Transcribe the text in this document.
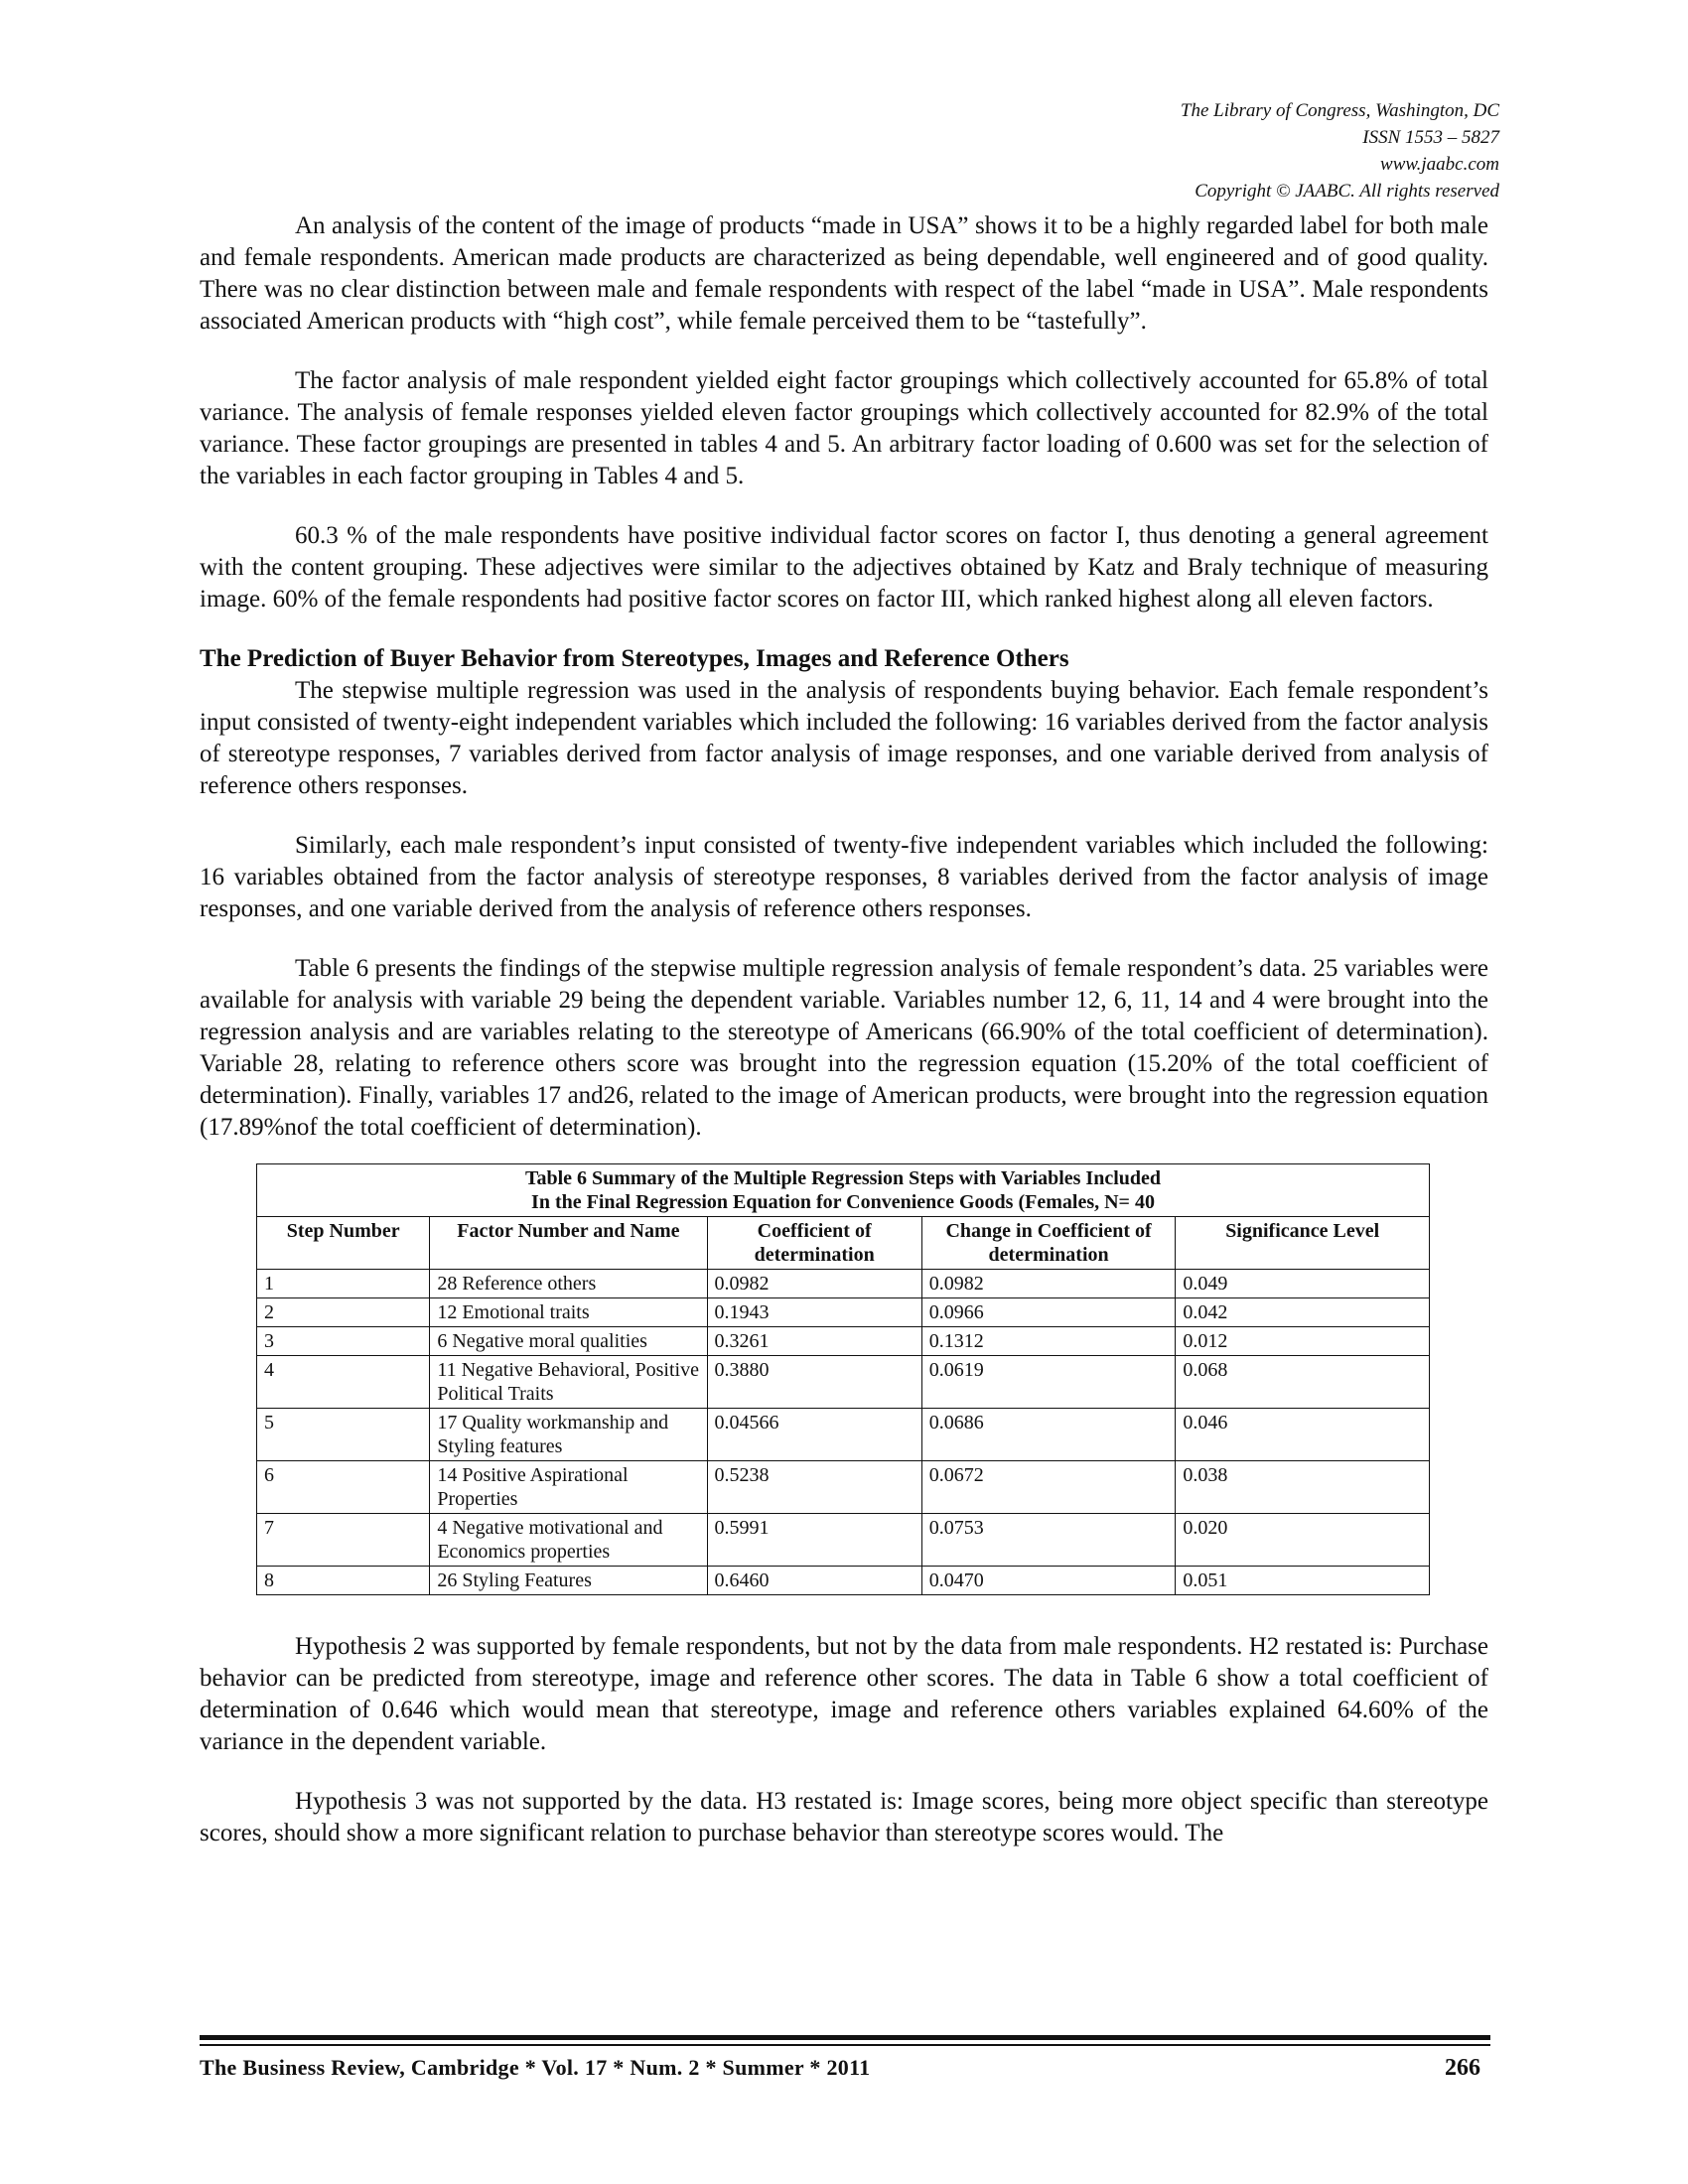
The Library of Congress, Washington, DC
ISSN 1553 – 5827
www.jaabc.com
Copyright © JAABC. All rights reserved

An analysis of the content of the image of products “made in USA” shows it to be a highly regarded label for both male and female respondents. American made products are characterized as being dependable, well engineered and of good quality. There was no clear distinction between male and female respondents with respect of the label “made in USA”. Male respondents associated American products with “high cost”, while female perceived them to be “tastefully”.

The factor analysis of male respondent yielded eight factor groupings which collectively accounted for 65.8% of total variance. The analysis of female responses yielded eleven factor groupings which collectively accounted for 82.9% of the total variance. These factor groupings are presented in tables 4 and 5. An arbitrary factor loading of 0.600 was set for the selection of the variables in each factor grouping in Tables 4 and 5.

60.3 % of the male respondents have positive individual factor scores on factor I, thus denoting a general agreement with the content grouping. These adjectives were similar to the adjectives obtained by Katz and Braly technique of measuring image. 60% of the female respondents had positive factor scores on factor III, which ranked highest along all eleven factors.

The Prediction of Buyer Behavior from Stereotypes, Images and Reference Others

The stepwise multiple regression was used in the analysis of respondents buying behavior. Each female respondent’s input consisted of twenty-eight independent variables which included the following: 16 variables derived from the factor analysis of stereotype responses, 7 variables derived from factor analysis of image responses, and one variable derived from analysis of reference others responses.

Similarly, each male respondent’s input consisted of twenty-five independent variables which included the following: 16 variables obtained from the factor analysis of stereotype responses, 8 variables derived from the factor analysis of image responses, and one variable derived from the analysis of reference others responses.

Table 6 presents the findings of the stepwise multiple regression analysis of female respondent’s data. 25 variables were available for analysis with variable 29 being the dependent variable. Variables number 12, 6, 11, 14 and 4 were brought into the regression analysis and are variables relating to the stereotype of Americans (66.90% of the total coefficient of determination). Variable 28, relating to reference others score was brought into the regression equation (15.20% of the total coefficient of determination). Finally, variables 17 and26, related to the image of American products, were brought into the regression equation (17.89%nof the total coefficient of determination).

Table 6 Summary of the Multiple Regression Steps with Variables Included
In the Final Regression Equation for Convenience Goods (Females, N= 40				

Step Number	Factor Number and Name	Coefficient of determination	Change in Coefficient of determination	Significance Level
1	28 Reference others	0.0982	0.0982	0.049
2	12 Emotional traits	0.1943	0.0966	0.042
3	6 Negative moral qualities	0.3261	0.1312	0.012
4	11 Negative Behavioral, Positive Political Traits	0.3880	0.0619	0.068
5	17 Quality workmanship and Styling features	0.04566	0.0686	0.046
6	14 Positive Aspirational Properties	0.5238	0.0672	0.038
7	4 Negative motivational and Economics properties	0.5991	0.0753	0.020
8	26 Styling Features	0.6460	0.0470	0.051

Hypothesis 2 was supported by female respondents, but not by the data from male respondents. H2 restated is: Purchase behavior can be predicted from stereotype, image and reference other scores. The data in Table 6 show a total coefficient of determination of 0.646 which would mean that stereotype, image and reference others variables explained 64.60% of the variance in the dependent variable.

Hypothesis 3 was not supported by the data. H3 restated is: Image scores, being more object specific than stereotype scores, should show a more significant relation to purchase behavior than stereotype scores would. The

The Business Review, Cambridge * Vol. 17 * Num. 2 * Summer * 2011	266
